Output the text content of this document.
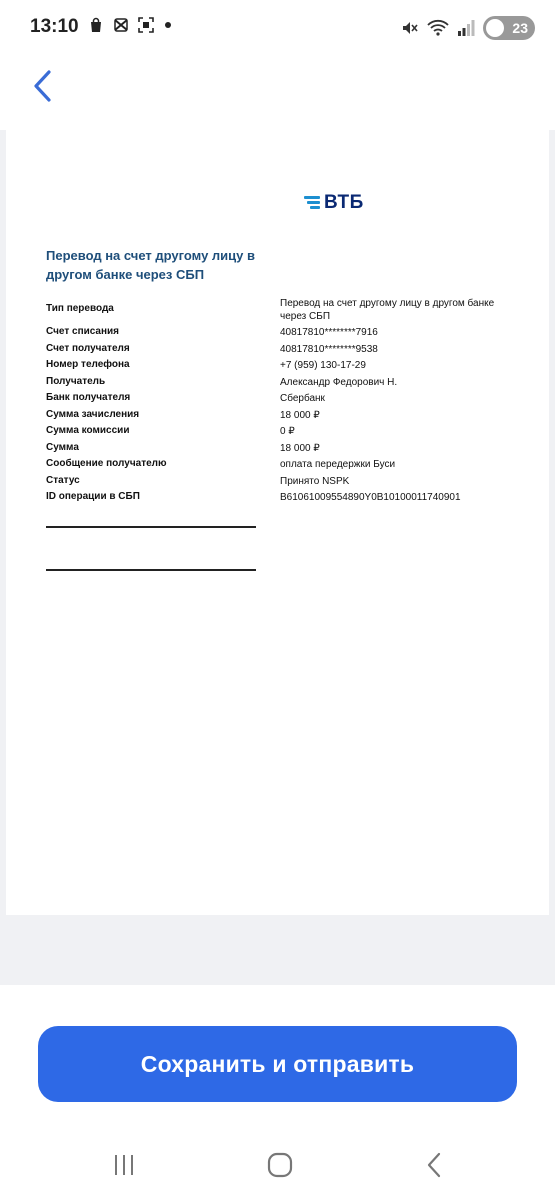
13:10	23
ВТБ
Перевод на счет другому лицу в другом банке через СБП
Тип перевода	Перевод на счет другому лицу в другом банке через СБП
Счет списания	40817810********7916
Счет получателя	40817810********9538
Номер телефона	+7 (959) 130-17-29
Получатель	Александр Федорович Н.
Банк получателя	Сбербанк
Сумма зачисления	18 000 ₽
Сумма комиссии	0 ₽
Сумма	18 000 ₽
Сообщение получателю	оплата передержки Буси
Статус	Принято NSPK
ID операции в СБП	B61061009554890Y0B10100011740901
Сохранить и отправить
